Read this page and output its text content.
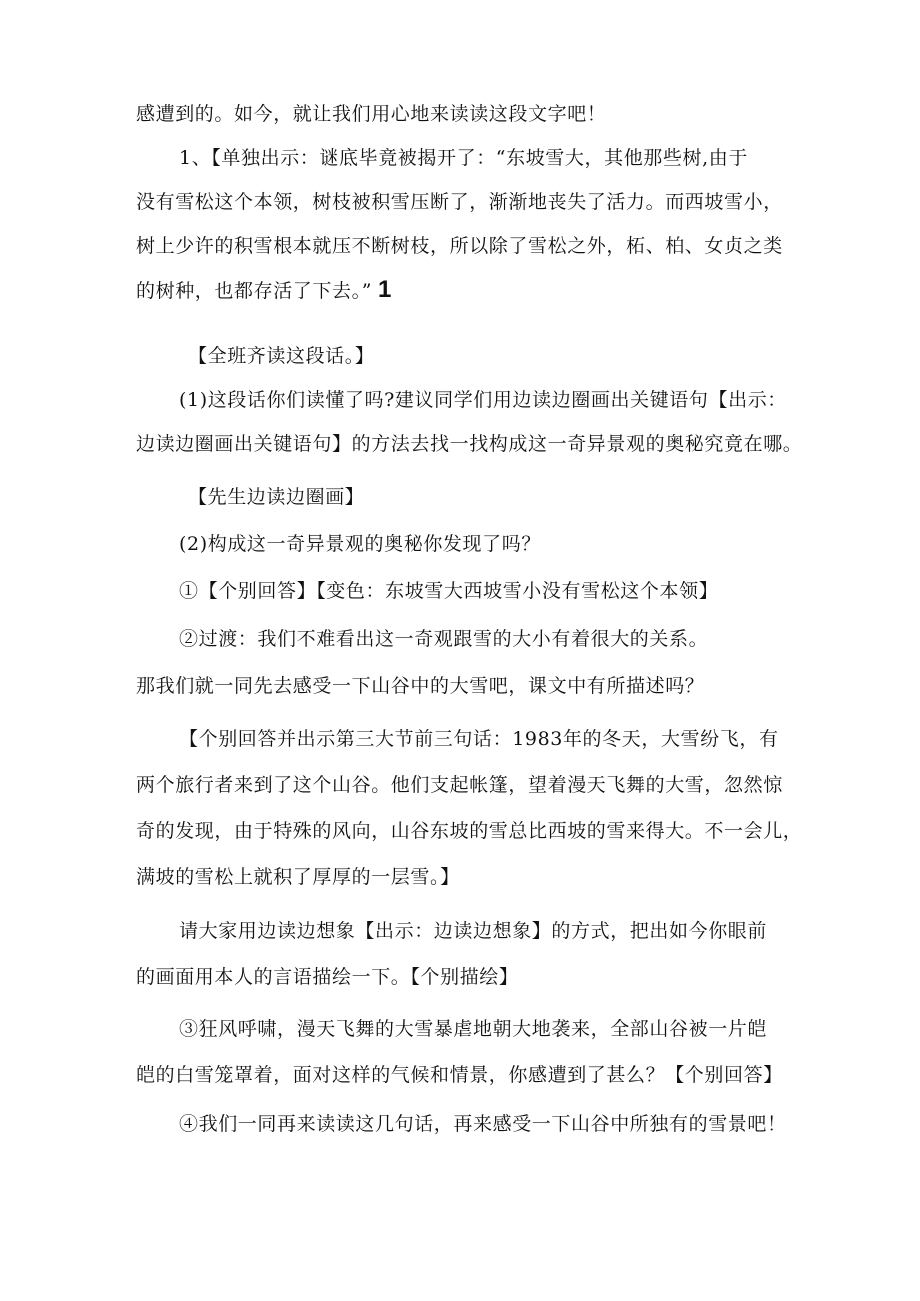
感遭到的。如今，就让我们用心地来读读这段文字吧！
1、【单独出示：谜底毕竟被揭开了：“东坡雪大，其他那些树,由于
没有雪松这个本领，树枝被积雪压断了，渐渐地丧失了活力。而西坡雪小，
树上少许的积雪根本就压不断树枝，所以除了雪松之外，柘、柏、女贞之类
的树种，也都存活了下去。” 1
【全班齐读这段话。】
(1)这段话你们读懂了吗?建议同学们用边读边圈画出关键语句【出示：
边读边圈画出关键语句】的方法去找一找构成这一奇异景观的奥秘究竟在哪。
【先生边读边圈画】
(2)构成这一奇异景观的奥秘你发现了吗？
①【个别回答】【变色：东坡雪大西坡雪小没有雪松这个本领】
②过渡：我们不难看出这一奇观跟雪的大小有着很大的关系。
那我们就一同先去感受一下山谷中的大雪吧，课文中有所描述吗？
【个别回答并出示第三大节前三句话：1983年的冬天，大雪纷飞，有
两个旅行者来到了这个山谷。他们支起帐篷，望着漫天飞舞的大雪，忽然惊
奇的发现，由于特殊的风向，山谷东坡的雪总比西坡的雪来得大。不一会儿，
满坡的雪松上就积了厚厚的一层雪。】
请大家用边读边想象【出示：边读边想象】的方式，把出如今你眼前
的画面用本人的言语描绘一下。【个别描绘】
③狂风呼啸，漫天飞舞的大雪暴虐地朝大地袭来，全部山谷被一片皑
皑的白雪笼罩着，面对这样的气候和情景，你感遭到了甚么？【个别回答】
④我们一同再来读读这几句话，再来感受一下山谷中所独有的雪景吧！
